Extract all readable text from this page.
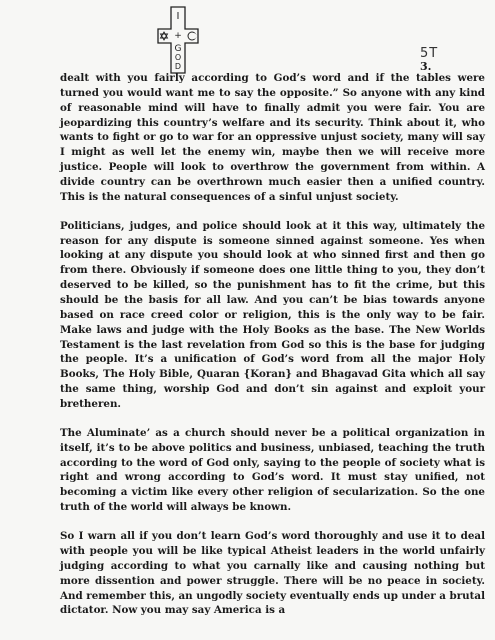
I
+
G
O
D
5T
3.

dealt with you fairly according to God’s word and if the tables were turned you would want me to say the opposite.” So anyone with any kind of reasonable mind will have to finally admit you were fair. You are jeopardizing this country’s welfare and its security. Think about it, who wants to fight or go to war for an oppressive unjust society, many will say I might as well let the enemy win, maybe then we will receive more justice. People will look to overthrow the government from within. A divide country can be overthrown much easier then a unified country. This is the natural consequences of a sinful unjust society.

Politicians, judges, and police should look at it this way, ultimately the reason for any dispute is someone sinned against someone. Yes when looking at any dispute you should look at who sinned first and then go from there. Obviously if someone does one little thing to you, they don’t deserved to be killed, so the punishment has to fit the crime, but this should be the basis for all law. And you can’t be bias towards anyone based on race creed color or religion, this is the only way to be fair. Make laws and judge with the Holy Books as the base. The New Worlds Testament is the last revelation from God so this is the base for judging the people. It’s a unification of God’s word from all the major Holy Books, The Holy Bible, Quaran {Koran} and Bhagavad Gita which all say the same thing, worship God and don’t sin against and exploit your bretheren.

The Aluminate’ as a church should never be a political organization in itself, it’s to be above politics and business, unbiased, teaching the truth according to the word of God only, saying to the people of society what is right and wrong according to God’s word. It must stay unified, not becoming a victim like every other religion of secularization. So the one truth of the world will always be known.

So I warn all if you don’t learn God’s word thoroughly and use it to deal with people you will be like typical Atheist leaders in the world unfairly judging according to what you carnally like and causing nothing but more dissention and power struggle. There will be no peace in society. And remember this, an ungodly society eventually ends up under a brutal dictator. Now you may say America is a
